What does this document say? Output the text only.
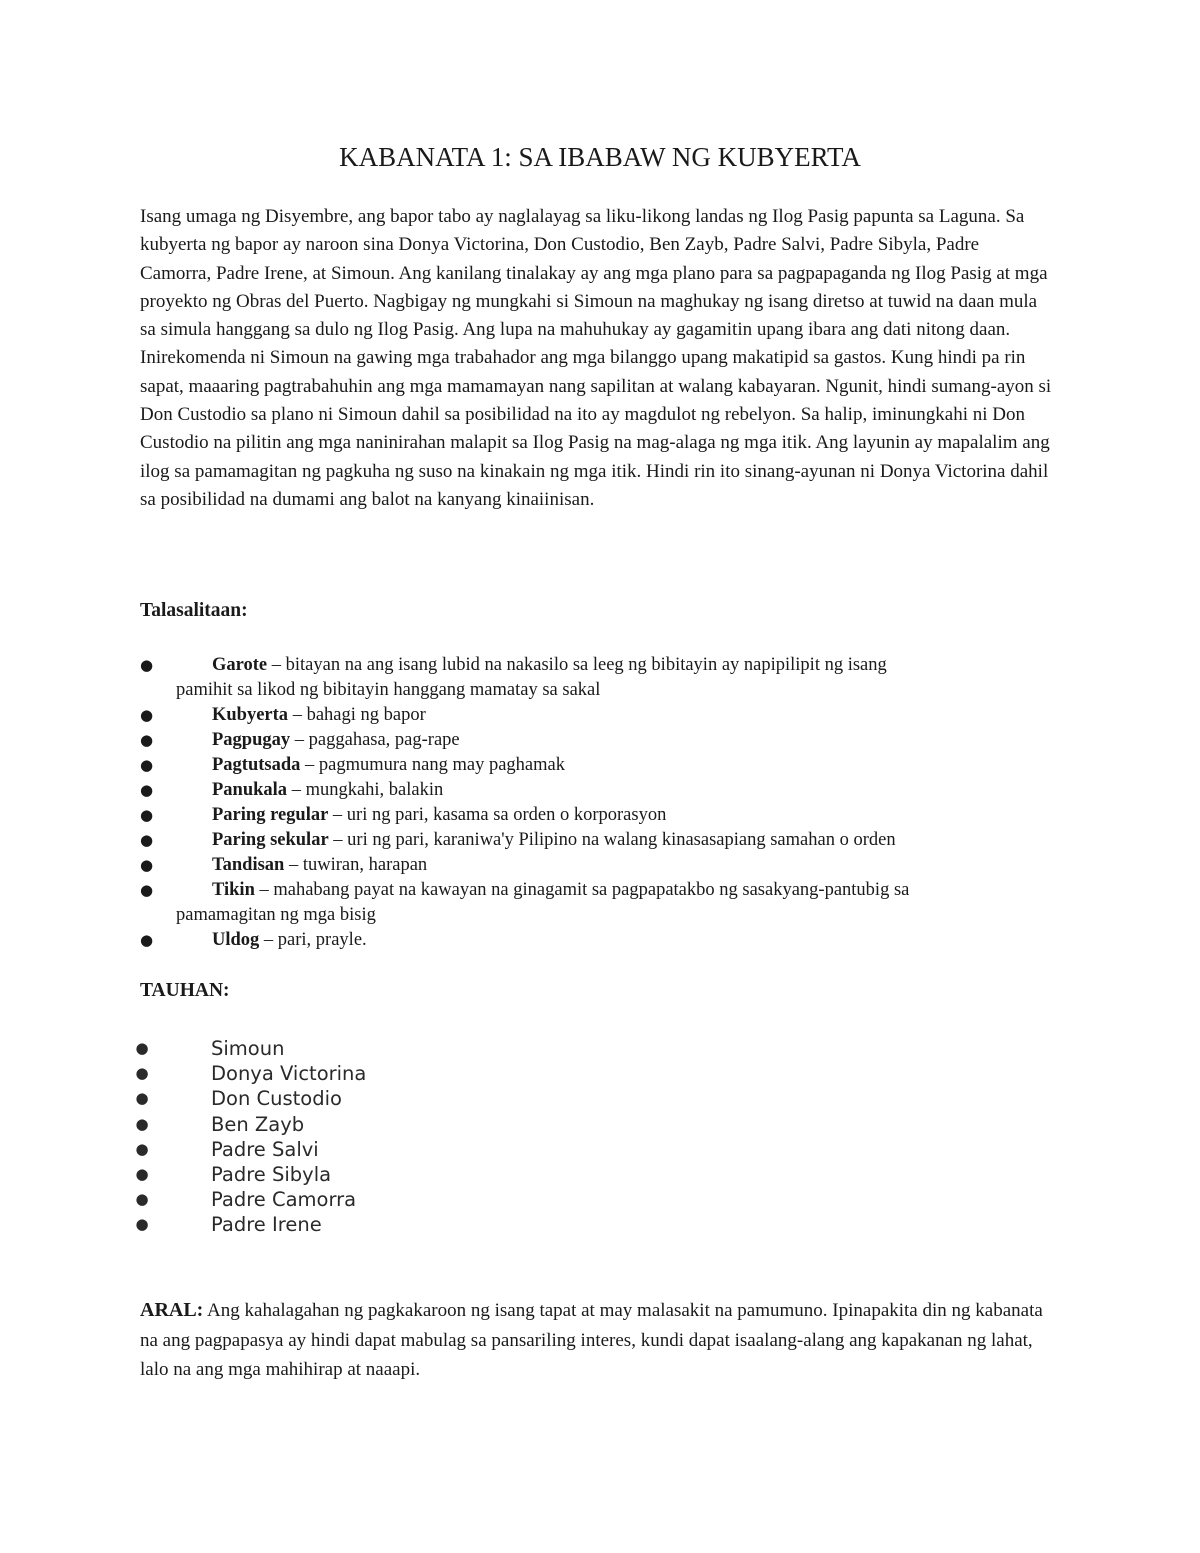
KABANATA 1: SA IBABAW NG KUBYERTA

Isang umaga ng Disyembre, ang bapor tabo ay naglalayag sa liku-likong landas ng Ilog Pasig papunta sa Laguna. Sa kubyerta ng bapor ay naroon sina Donya Victorina, Don Custodio, Ben Zayb, Padre Salvi, Padre Sibyla, Padre Camorra, Padre Irene, at Simoun. Ang kanilang tinalakay ay ang mga plano para sa pagpapaganda ng Ilog Pasig at mga proyekto ng Obras del Puerto. Nagbigay ng mungkahi si Simoun na maghukay ng isang diretso at tuwid na daan mula sa simula hanggang sa dulo ng Ilog Pasig. Ang lupa na mahuhukay ay gagamitin upang ibara ang dati nitong daan. Inirekomenda ni Simoun na gawing mga trabahador ang mga bilanggo upang makatipid sa gastos. Kung hindi pa rin sapat, maaaring pagtrabahuhin ang mga mamamayan nang sapilitan at walang kabayaran. Ngunit, hindi sumang-ayon si Don Custodio sa plano ni Simoun dahil sa posibilidad na ito ay magdulot ng rebelyon. Sa halip, iminungkahi ni Don Custodio na pilitin ang mga naninirahan malapit sa Ilog Pasig na mag-alaga ng mga itik. Ang layunin ay mapalalim ang ilog sa pamamagitan ng pagkuha ng suso na kinakain ng mga itik. Hindi rin ito sinang-ayunan ni Donya Victorina dahil sa posibilidad na dumami ang balot na kanyang kinaiinisan.

Talasalitaan:
●	Garote – bitayan na ang isang lubid na nakasilo sa leeg ng bibitayin ay napipilipit ng isang
pamihit sa likod ng bibitayin hanggang mamatay sa sakal
●	Kubyerta – bahagi ng bapor
●	Pagpugay – paggahasa, pag-rape
●	Pagtutsada – pagmumura nang may paghamak
●	Panukala – mungkahi, balakin
●	Paring regular – uri ng pari, kasama sa orden o korporasyon
●	Paring sekular – uri ng pari, karaniwa'y Pilipino na walang kinasasapiang samahan o orden
●	Tandisan – tuwiran, harapan
●	Tikin – mahabang payat na kawayan na ginagamit sa pagpapatakbo ng sasakyang-pantubig sa
pamamagitan ng mga bisig
●	Uldog – pari, prayle.
TAUHAN:
●	Simoun
●	Donya Victorina
●	Don Custodio
●	Ben Zayb
●	Padre Salvi
●	Padre Sibyla
●	Padre Camorra
●	Padre Irene

ARAL: Ang kahalagahan ng pagkakaroon ng isang tapat at may malasakit na pamumuno. Ipinapakita din ng kabanata na ang pagpapasya ay hindi dapat mabulag sa pansariling interes, kundi dapat isaalang-alang ang kapakanan ng lahat, lalo na ang mga mahihirap at naaapi.
